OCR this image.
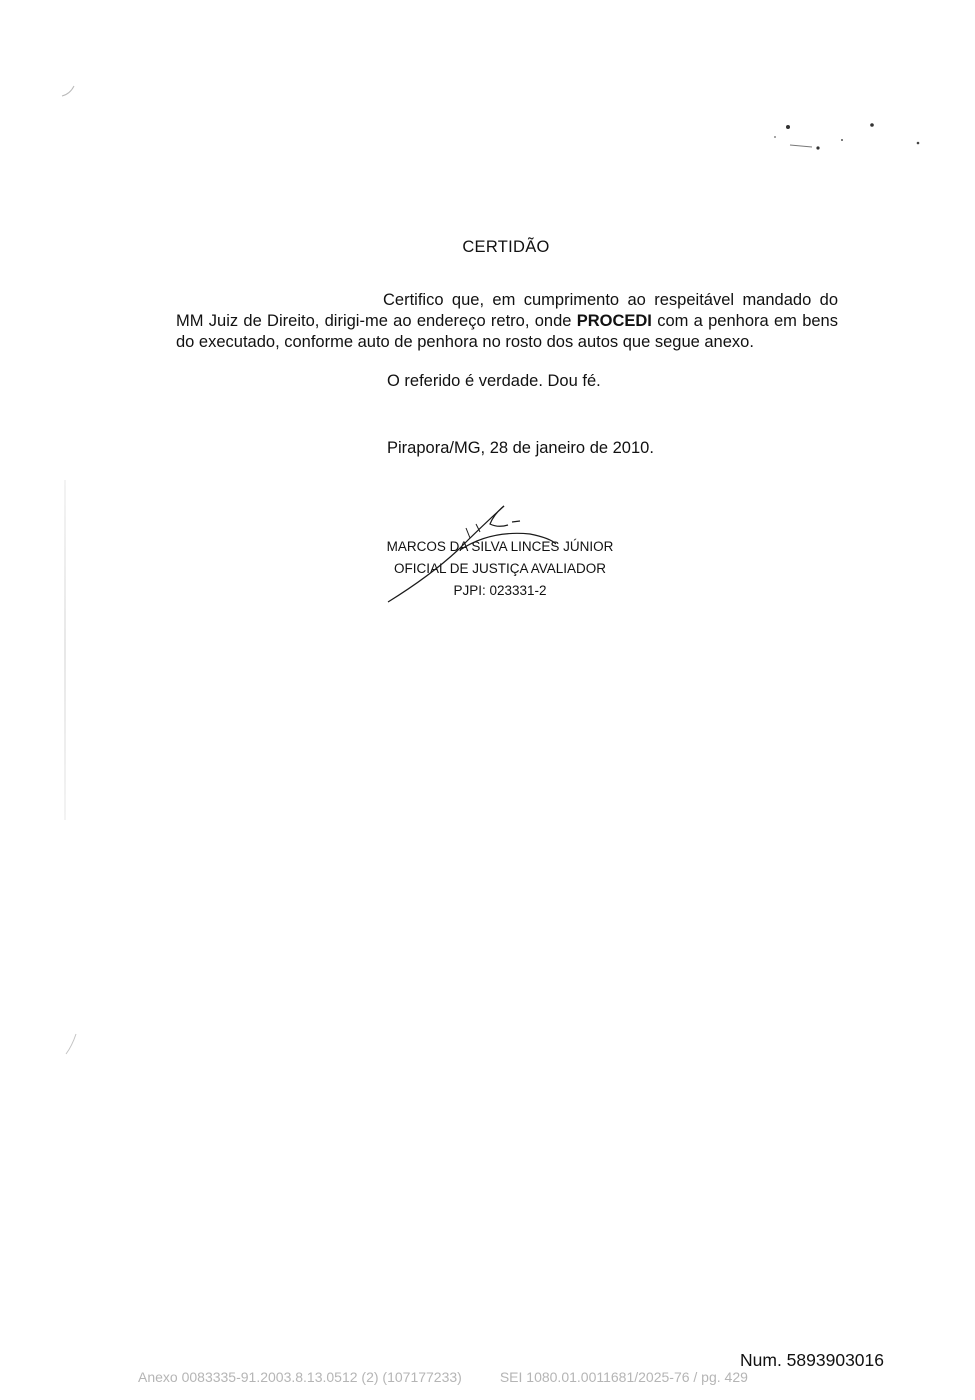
CERTIDÃO
Certifico que, em cumprimento ao respeitável mandado do MM Juiz de Direito, dirigi-me ao endereço retro, onde PROCEDI com a penhora em bens do executado, conforme auto de penhora no rosto dos autos que segue anexo.
O referido é verdade. Dou fé.
Pirapora/MG, 28 de janeiro de 2010.
MARCOS DA SILVA LINCES JÚNIOR
OFICIAL DE JUSTIÇA AVALIADOR
PJPI: 023331-2
Num. 5893903016
Anexo 0083335-91.2003.8.13.0512 (2) (107177233)	SEI 1080.01.0011681/2025-76 / pg. 429
